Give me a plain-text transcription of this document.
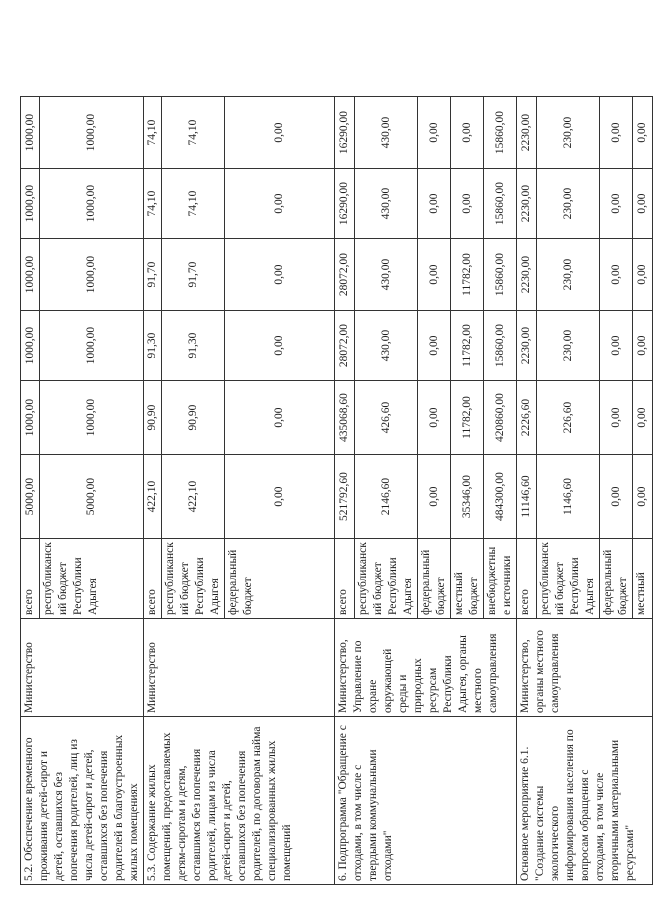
5.2. Обеспечение временного проживания детей-сирот и детей, оставшихся без попечения родителей, лиц из числа детей-сирот и детей, оставшихся без попечения родителей в благоустроенных жилых помещениях	Министерство	всего	5000,00	1000,00	1000,00	1000,00	1000,00	1000,00
		республиканский бюджет Республики Адыгея	5000,00	1000,00	1000,00	1000,00	1000,00	1000,00
5.3. Содержание жилых помещений, предоставляемых детям-сиротам и детям, оставшимся без попечения родителей, лицам из числа детей-сирот и детей, оставшихся без попечения родителей, по договорам найма специализированных жилых помещений	Министерство	всего	422,10	90,90	91,30	91,70	74,10	74,10
		республиканский бюджет Республики Адыгея	422,10	90,90	91,30	91,70	74,10	74,10
		федеральный бюджет	0,00	0,00	0,00	0,00	0,00	0,00
6. Подпрограмма "Обращение с отходами, в том числе с твердыми коммунальными отходами"	Министерство, Управление по охране окружающей среды и природных ресурсам Республики Адыгея, органы местного самоуправления	всего	521792,60	435068,60	28072,00	28072,00	16290,00	16290,00
		республиканский бюджет Республики Адыгея	2146,60	426,60	430,00	430,00	430,00	430,00
		федеральный бюджет	0,00	0,00	0,00	0,00	0,00	0,00
		местный бюджет	35346,00	11782,00	11782,00	11782,00	0,00	0,00
		внебюджетные источники	484300,00	420860,00	15860,00	15860,00	15860,00	15860,00
Основное мероприятие 6.1. "Создание системы экологического информирования населения по вопросам обращения с отходами, в том числе вторичными материальными ресурсами"	Министерство, органы местного самоуправления	всего	11146,60	2226,60	2230,00	2230,00	2230,00	2230,00
		республиканский бюджет Республики Адыгея	1146,60	226,60	230,00	230,00	230,00	230,00
		федеральный бюджет	0,00	0,00	0,00	0,00	0,00	0,00
		местный	0,00	0,00	0,00	0,00	0,00	0,00
